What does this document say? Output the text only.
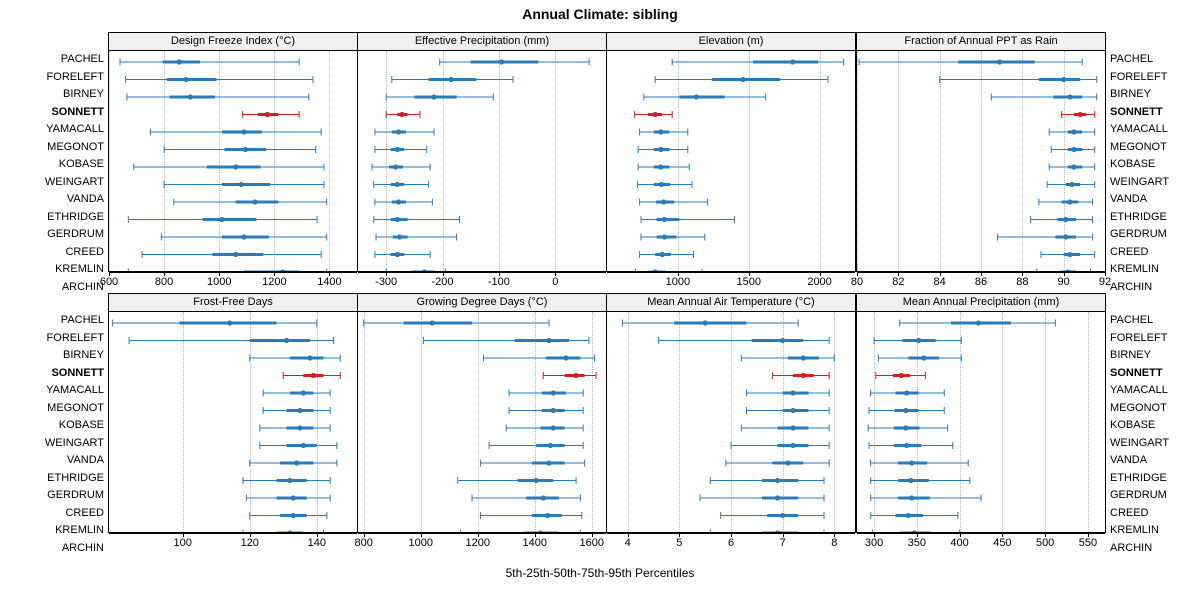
Annual Climate: sibling
5th-25th-50th-75th-95th Percentiles
PACHEL
FORELEFT
BIRNEY
SONNETT
YAMACALL
MEGONOT
KOBASE
WEINGART
VANDA
ETHRIDGE
GERDRUM
CREED
KREMLIN
ARCHIN
PACHEL
FORELEFT
BIRNEY
SONNETT
YAMACALL
MEGONOT
KOBASE
WEINGART
VANDA
ETHRIDGE
GERDRUM
CREED
KREMLIN
ARCHIN
PACHEL
FORELEFT
BIRNEY
SONNETT
YAMACALL
MEGONOT
KOBASE
WEINGART
VANDA
ETHRIDGE
GERDRUM
CREED
KREMLIN
ARCHIN
PACHEL
FORELEFT
BIRNEY
SONNETT
YAMACALL
MEGONOT
KOBASE
WEINGART
VANDA
ETHRIDGE
GERDRUM
CREED
KREMLIN
ARCHIN
Design Freeze Index (°C)	Effective Precipitation (mm)	Elevation (m)	Fraction of Annual PPT as Rain
Frost-Free Days	Growing Degree Days (°C)	Mean Annual Air Temperature (°C)	Mean Annual Precipitation (mm)
600	800	1000	1200	1400	-300	-200	-100	0	1000	1500	2000 80	82	84	86	88	90	92
100	120	140	800	1000	1200	1400	1600 4	5	6	7	8	300 350 400 450 500 550
